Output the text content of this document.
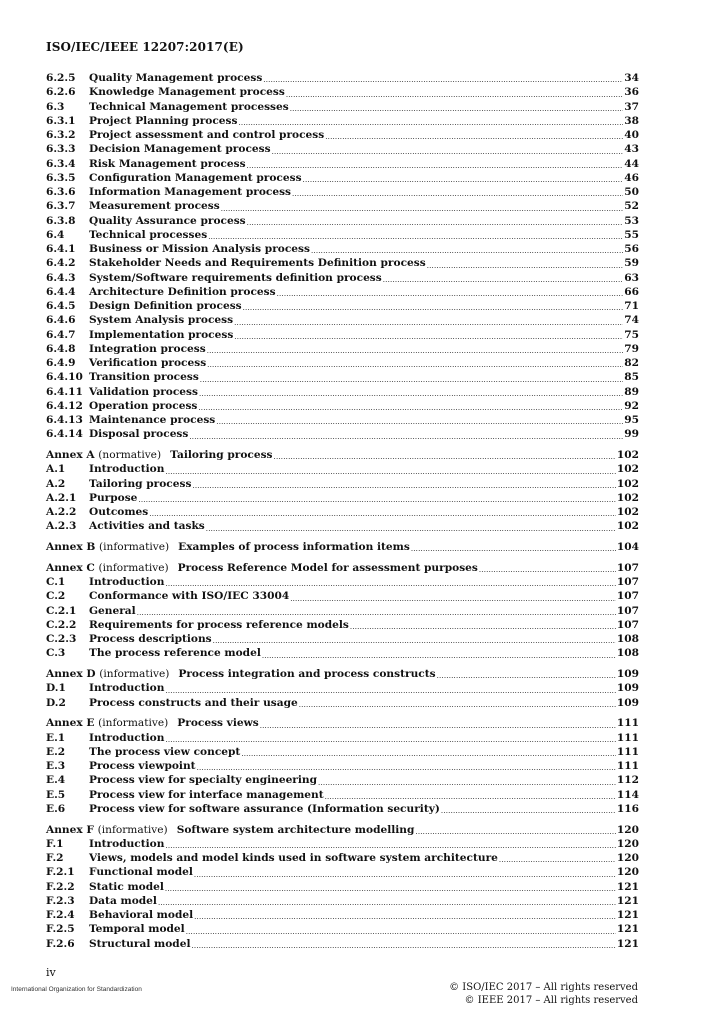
ISO/IEC/IEEE 12207:2017(E)
6.2.5	Quality Management process .....	34
6.2.6	Knowledge Management process .....	36
6.3	Technical Management processes .....	37
6.3.1	Project Planning process .....	38
6.3.2	Project assessment and control process .....	40
6.3.3	Decision Management process .....	43
6.3.4	Risk Management process .....	44
6.3.5	Configuration Management process .....	46
6.3.6	Information Management process .....	50
6.3.7	Measurement process .....	52
6.3.8	Quality Assurance process .....	53
6.4	Technical processes .....	55
6.4.1	Business or Mission Analysis process .....	56
6.4.2	Stakeholder Needs and Requirements Definition process .....	59
6.4.3	System/Software requirements definition process .....	63
6.4.4	Architecture Definition process .....	66
6.4.5	Design Definition process .....	71
6.4.6	System Analysis process .....	74
6.4.7	Implementation process .....	75
6.4.8	Integration process .....	79
6.4.9	Verification process .....	82
6.4.10 Transition process .....	85
6.4.11 Validation process .....	89
6.4.12 Operation process .....	92
6.4.13 Maintenance process .....	95
6.4.14 Disposal process .....	99
Annex A (normative) Tailoring process .....	102
A.1	Introduction .....	102
A.2	Tailoring process .....	102
A.2.1	Purpose .....	102
A.2.2	Outcomes .....	102
A.2.3	Activities and tasks .....	102
Annex B (informative) Examples of process information items .....	104
Annex C (informative) Process Reference Model for assessment purposes .....	107
C.1	Introduction .....	107
C.2	Conformance with ISO/IEC 33004 .....	107
C.2.1	General .....	107
C.2.2	Requirements for process reference models .....	107
C.2.3	Process descriptions .....	108
C.3	The process reference model .....	108
Annex D (informative) Process integration and process constructs .....	109
D.1	Introduction .....	109
D.2	Process constructs and their usage .....	109
Annex E (informative) Process views .....	111
E.1	Introduction .....	111
E.2	The process view concept .....	111
E.3	Process viewpoint .....	111
E.4	Process view for specialty engineering .....	112
E.5	Process view for interface management .....	114
E.6	Process view for software assurance (Information security) .....	116
Annex F (informative) Software system architecture modelling .....	120
F.1	Introduction .....	120
F.2	Views, models and model kinds used in software system architecture .....	120
F.2.1	Functional model .....	120
F.2.2	Static model .....	121
F.2.3	Data model .....	121
F.2.4	Behavioral model .....	121
F.2.5	Temporal model .....	121
F.2.6	Structural model .....	121
iv
International Organization for Standardization	© ISO/IEC 2017 – All rights reserved
© IEEE 2017 – All rights reserved
